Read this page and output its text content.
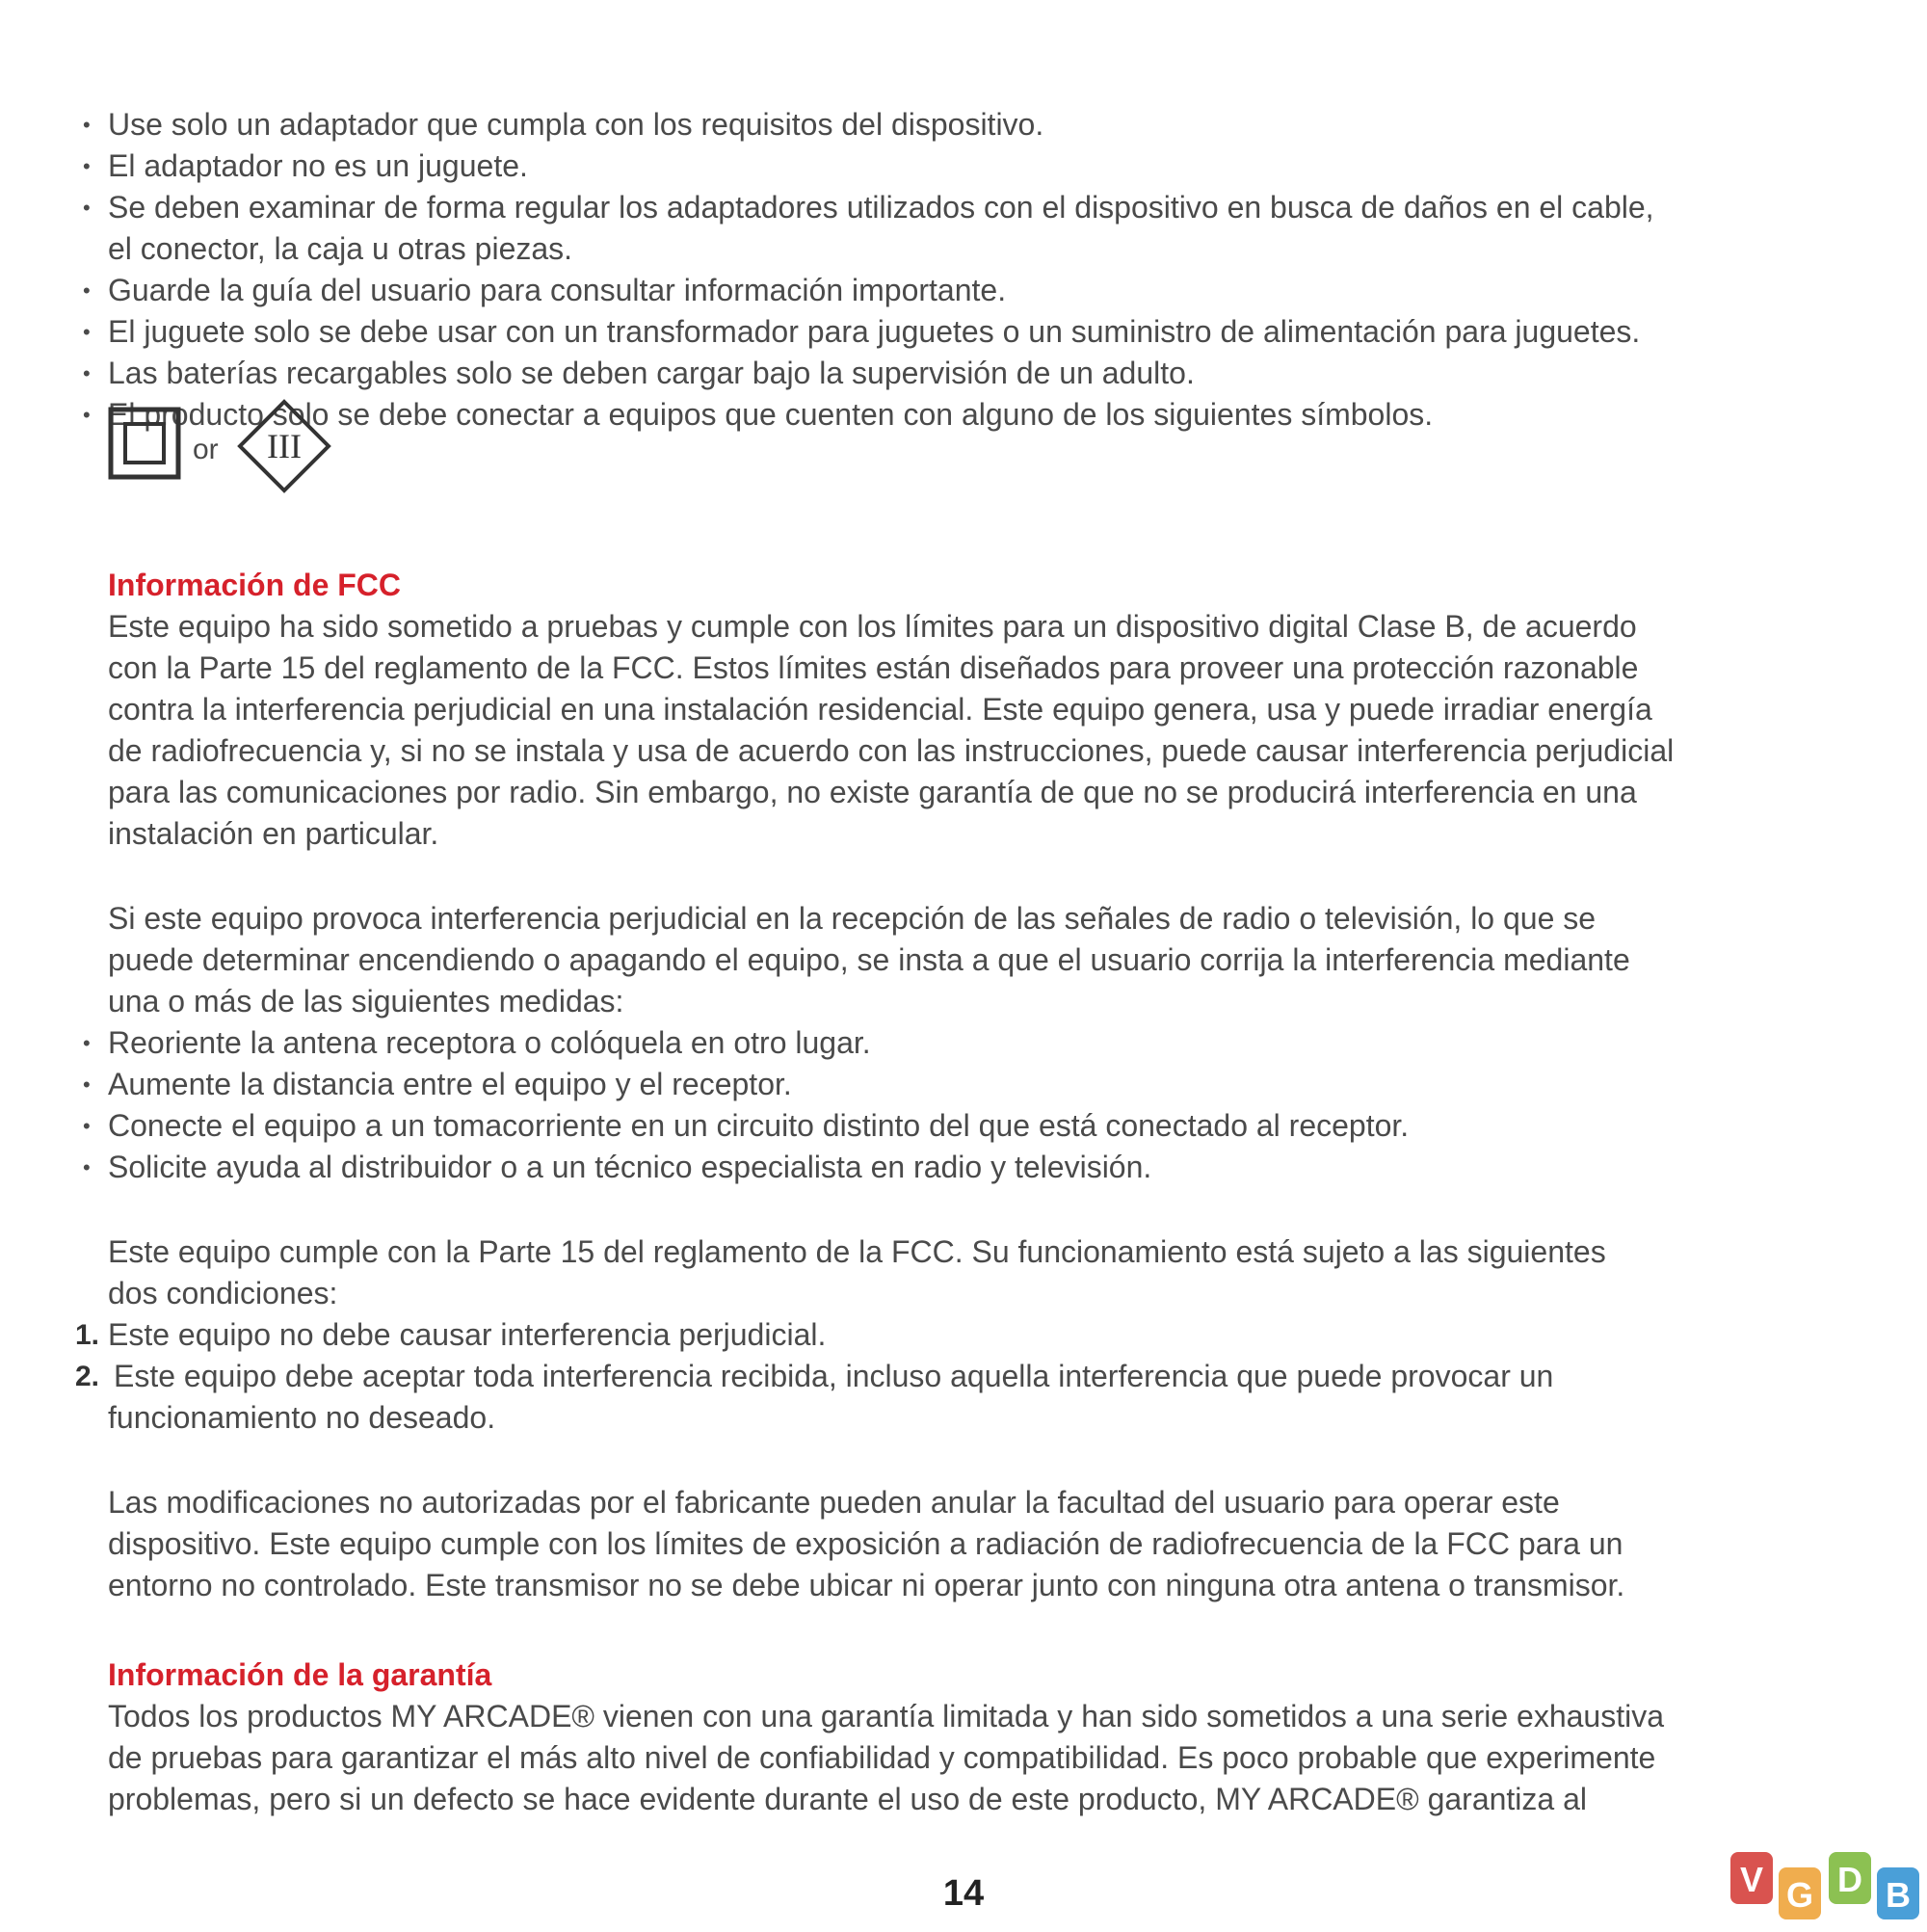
• Use solo un adaptador que cumpla con los requisitos del dispositivo.
• El adaptador no es un juguete.
• Se deben examinar de forma regular los adaptadores utilizados con el dispositivo en busca de daños en el cable,
el conector, la caja u otras piezas.
• Guarde la guía del usuario para consultar información importante.
• El juguete solo se debe usar con un transformador para juguetes o un suministro de alimentación para juguetes.
• Las baterías recargables solo se deben cargar bajo la supervisión de un adulto.
• El producto solo se debe conectar a equipos que cuenten con alguno de los siguientes símbolos.
or III
Información de FCC
Este equipo ha sido sometido a pruebas y cumple con los límites para un dispositivo digital Clase B, de acuerdo
con la Parte 15 del reglamento de la FCC. Estos límites están diseñados para proveer una protección razonable
contra la interferencia perjudicial en una instalación residencial. Este equipo genera, usa y puede irradiar energía
de radiofrecuencia y, si no se instala y usa de acuerdo con las instrucciones, puede causar interferencia perjudicial
para las comunicaciones por radio. Sin embargo, no existe garantía de que no se producirá interferencia en una
instalación en particular.
Si este equipo provoca interferencia perjudicial en la recepción de las señales de radio o televisión, lo que se
puede determinar encendiendo o apagando el equipo, se insta a que el usuario corrija la interferencia mediante
una o más de las siguientes medidas:
• Reoriente la antena receptora o colóquela en otro lugar.
• Aumente la distancia entre el equipo y el receptor.
• Conecte el equipo a un tomacorriente en un circuito distinto del que está conectado al receptor.
• Solicite ayuda al distribuidor o a un técnico especialista en radio y televisión.
Este equipo cumple con la Parte 15 del reglamento de la FCC. Su funcionamiento está sujeto a las siguientes
dos condiciones:
1. Este equipo no debe causar interferencia perjudicial.
2. Este equipo debe aceptar toda interferencia recibida, incluso aquella interferencia que puede provocar un
funcionamiento no deseado.
Las modificaciones no autorizadas por el fabricante pueden anular la facultad del usuario para operar este
dispositivo. Este equipo cumple con los límites de exposición a radiación de radiofrecuencia de la FCC para un
entorno no controlado. Este transmisor no se debe ubicar ni operar junto con ninguna otra antena o transmisor.
Información de la garantía
Todos los productos MY ARCADE® vienen con una garantía limitada y han sido sometidos a una serie exhaustiva
de pruebas para garantizar el más alto nivel de confiabilidad y compatibilidad. Es poco probable que experimente
problemas, pero si un defecto se hace evidente durante el uso de este producto, MY ARCADE® garantiza al
14	V G D B
